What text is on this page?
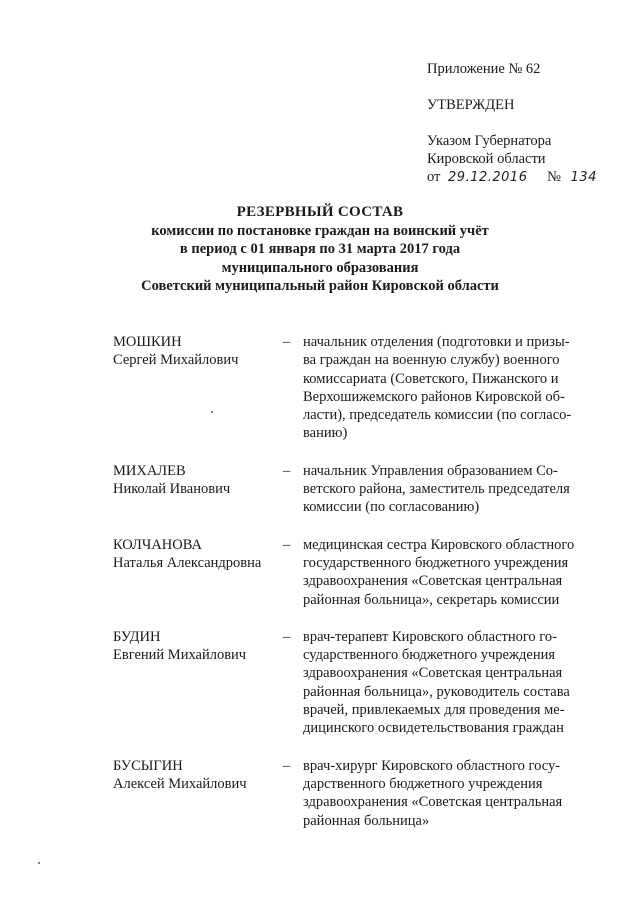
Приложение № 62
УТВЕРЖДЕН
Указом Губернатора
Кировской области
от 29.12.2016 № 134
РЕЗЕРВНЫЙ СОСТАВ
комиссии по постановке граждан на воинский учёт
в период с 01 января по 31 марта 2017 года
муниципального образования
Советский муниципальный район Кировской области
МОШКИН
Сергей Михайлович
– начальник отделения (подготовки и призы-
ва граждан на военную службу) военного
комиссариата (Советского, Пижанского и
Верхошижемского районов Кировской об-
ласти), председатель комиссии (по согласо-
ванию)
МИХАЛЕВ
Николай Иванович
– начальник Управления образованием Со-
ветского района, заместитель председателя
комиссии (по согласованию)
КОЛЧАНОВА
Наталья Александровна
– медицинская сестра Кировского областного
государственного бюджетного учреждения
здравоохранения «Советская центральная
районная больница», секретарь комиссии
БУДИН
Евгений Михайлович
– врач-терапевт Кировского областного го-
сударственного бюджетного учреждения
здравоохранения «Советская центральная
районная больница», руководитель состава
врачей, привлекаемых для проведения ме-
дицинского освидетельствования граждан
БУСЫГИН
Алексей Михайлович
– врач-хирург Кировского областного госу-
дарственного бюджетного учреждения
здравоохранения «Советская центральная
районная больница»
